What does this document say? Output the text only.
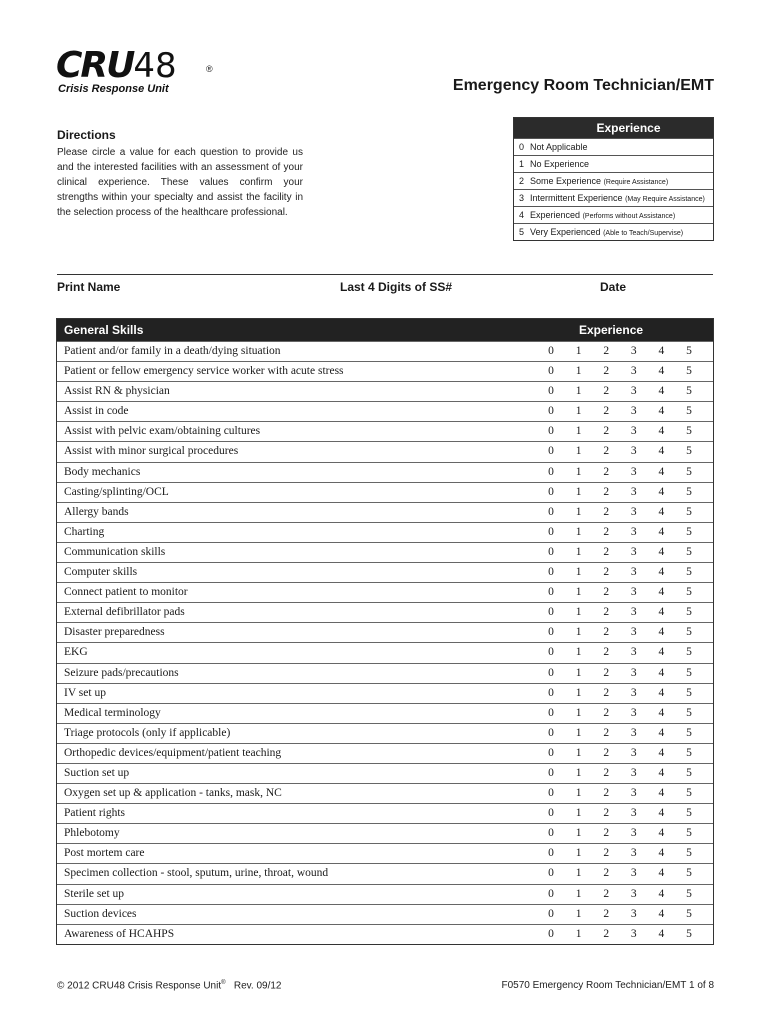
CRU48	®
Crisis Response Unit	Emergency Room Technician/EMT
Directions
Please circle a value for each question to provide us and the interested facilities with an assessment of your clinical experience. These values confirm your strengths within your specialty and assist the facility in the selection process of the healthcare professional.
Experience
0 Not Applicable
1 No Experience
2 Some Experience (Require Assistance)
3 Intermittent Experience (May Require Assistance)
4 Experienced (Performs without Assistance)
5 Very Experienced (Able to Teach/Supervise)
Print Name	Last 4 Digits of SS#	Date
General Skills	Experience
Patient and/or family in a death/dying situation	0 1 2 3 4 5
Patient or fellow emergency service worker with acute stress	0 1 2 3 4 5
Assist RN & physician	0 1 2 3 4 5
Assist in code	0 1 2 3 4 5
Assist with pelvic exam/obtaining cultures	0 1 2 3 4 5
Assist with minor surgical procedures	0 1 2 3 4 5
Body mechanics	0 1 2 3 4 5
Casting/splinting/OCL	0 1 2 3 4 5
Allergy bands	0 1 2 3 4 5
Charting	0 1 2 3 4 5
Communication skills	0 1 2 3 4 5
Computer skills	0 1 2 3 4 5
Connect patient to monitor	0 1 2 3 4 5
External defibrillator pads	0 1 2 3 4 5
Disaster preparedness	0 1 2 3 4 5
EKG	0 1 2 3 4 5
Seizure pads/precautions	0 1 2 3 4 5
IV set up	0 1 2 3 4 5
Medical terminology	0 1 2 3 4 5
Triage protocols (only if applicable)	0 1 2 3 4 5
Orthopedic devices/equipment/patient teaching	0 1 2 3 4 5
Suction set up	0 1 2 3 4 5
Oxygen set up & application - tanks, mask, NC	0 1 2 3 4 5
Patient rights	0 1 2 3 4 5
Phlebotomy	0 1 2 3 4 5
Post mortem care	0 1 2 3 4 5
Specimen collection - stool, sputum, urine, throat, wound	0 1 2 3 4 5
Sterile set up	0 1 2 3 4 5
Suction devices	0 1 2 3 4 5
Awareness of HCAHPS	0 1 2 3 4 5
© 2012 CRU48 Crisis Response Unit® Rev. 09/12	F0570 Emergency Room Technician/EMT 1 of 8
